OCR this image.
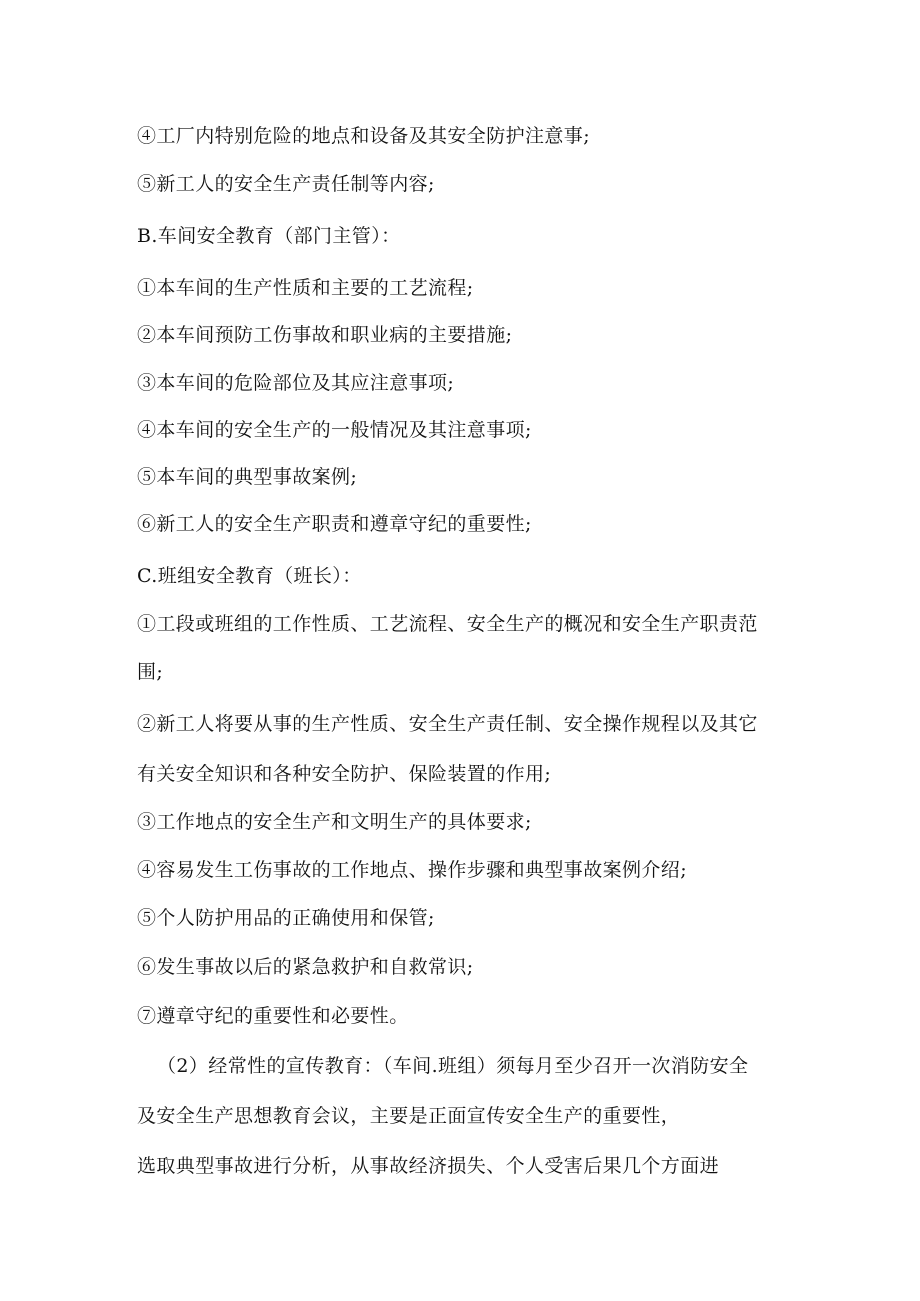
④工厂内特别危险的地点和设备及其安全防护注意事;
⑤新工人的安全生产责任制等内容;
B.车间安全教育（部门主管）：
①本车间的生产性质和主要的工艺流程;
②本车间预防工伤事故和职业病的主要措施;
③本车间的危险部位及其应注意事项;
④本车间的安全生产的一般情况及其注意事项;
⑤本车间的典型事故案例;
⑥新工人的安全生产职责和遵章守纪的重要性;
C.班组安全教育（班长）：
①工段或班组的工作性质、工艺流程、安全生产的概况和安全生产职责范
围;
②新工人将要从事的生产性质、安全生产责任制、安全操作规程以及其它
有关安全知识和各种安全防护、保险装置的作用;
③工作地点的安全生产和文明生产的具体要求;
④容易发生工伤事故的工作地点、操作步骤和典型事故案例介绍;
⑤个人防护用品的正确使用和保管;
⑥发生事故以后的紧急救护和自救常识;
⑦遵章守纪的重要性和必要性。
（2）经常性的宣传教育：（车间.班组）须每月至少召开一次消防安全
及安全生产思想教育会议，主要是正面宣传安全生产的重要性，
选取典型事故进行分析，从事故经济损失、个人受害后果几个方面进
